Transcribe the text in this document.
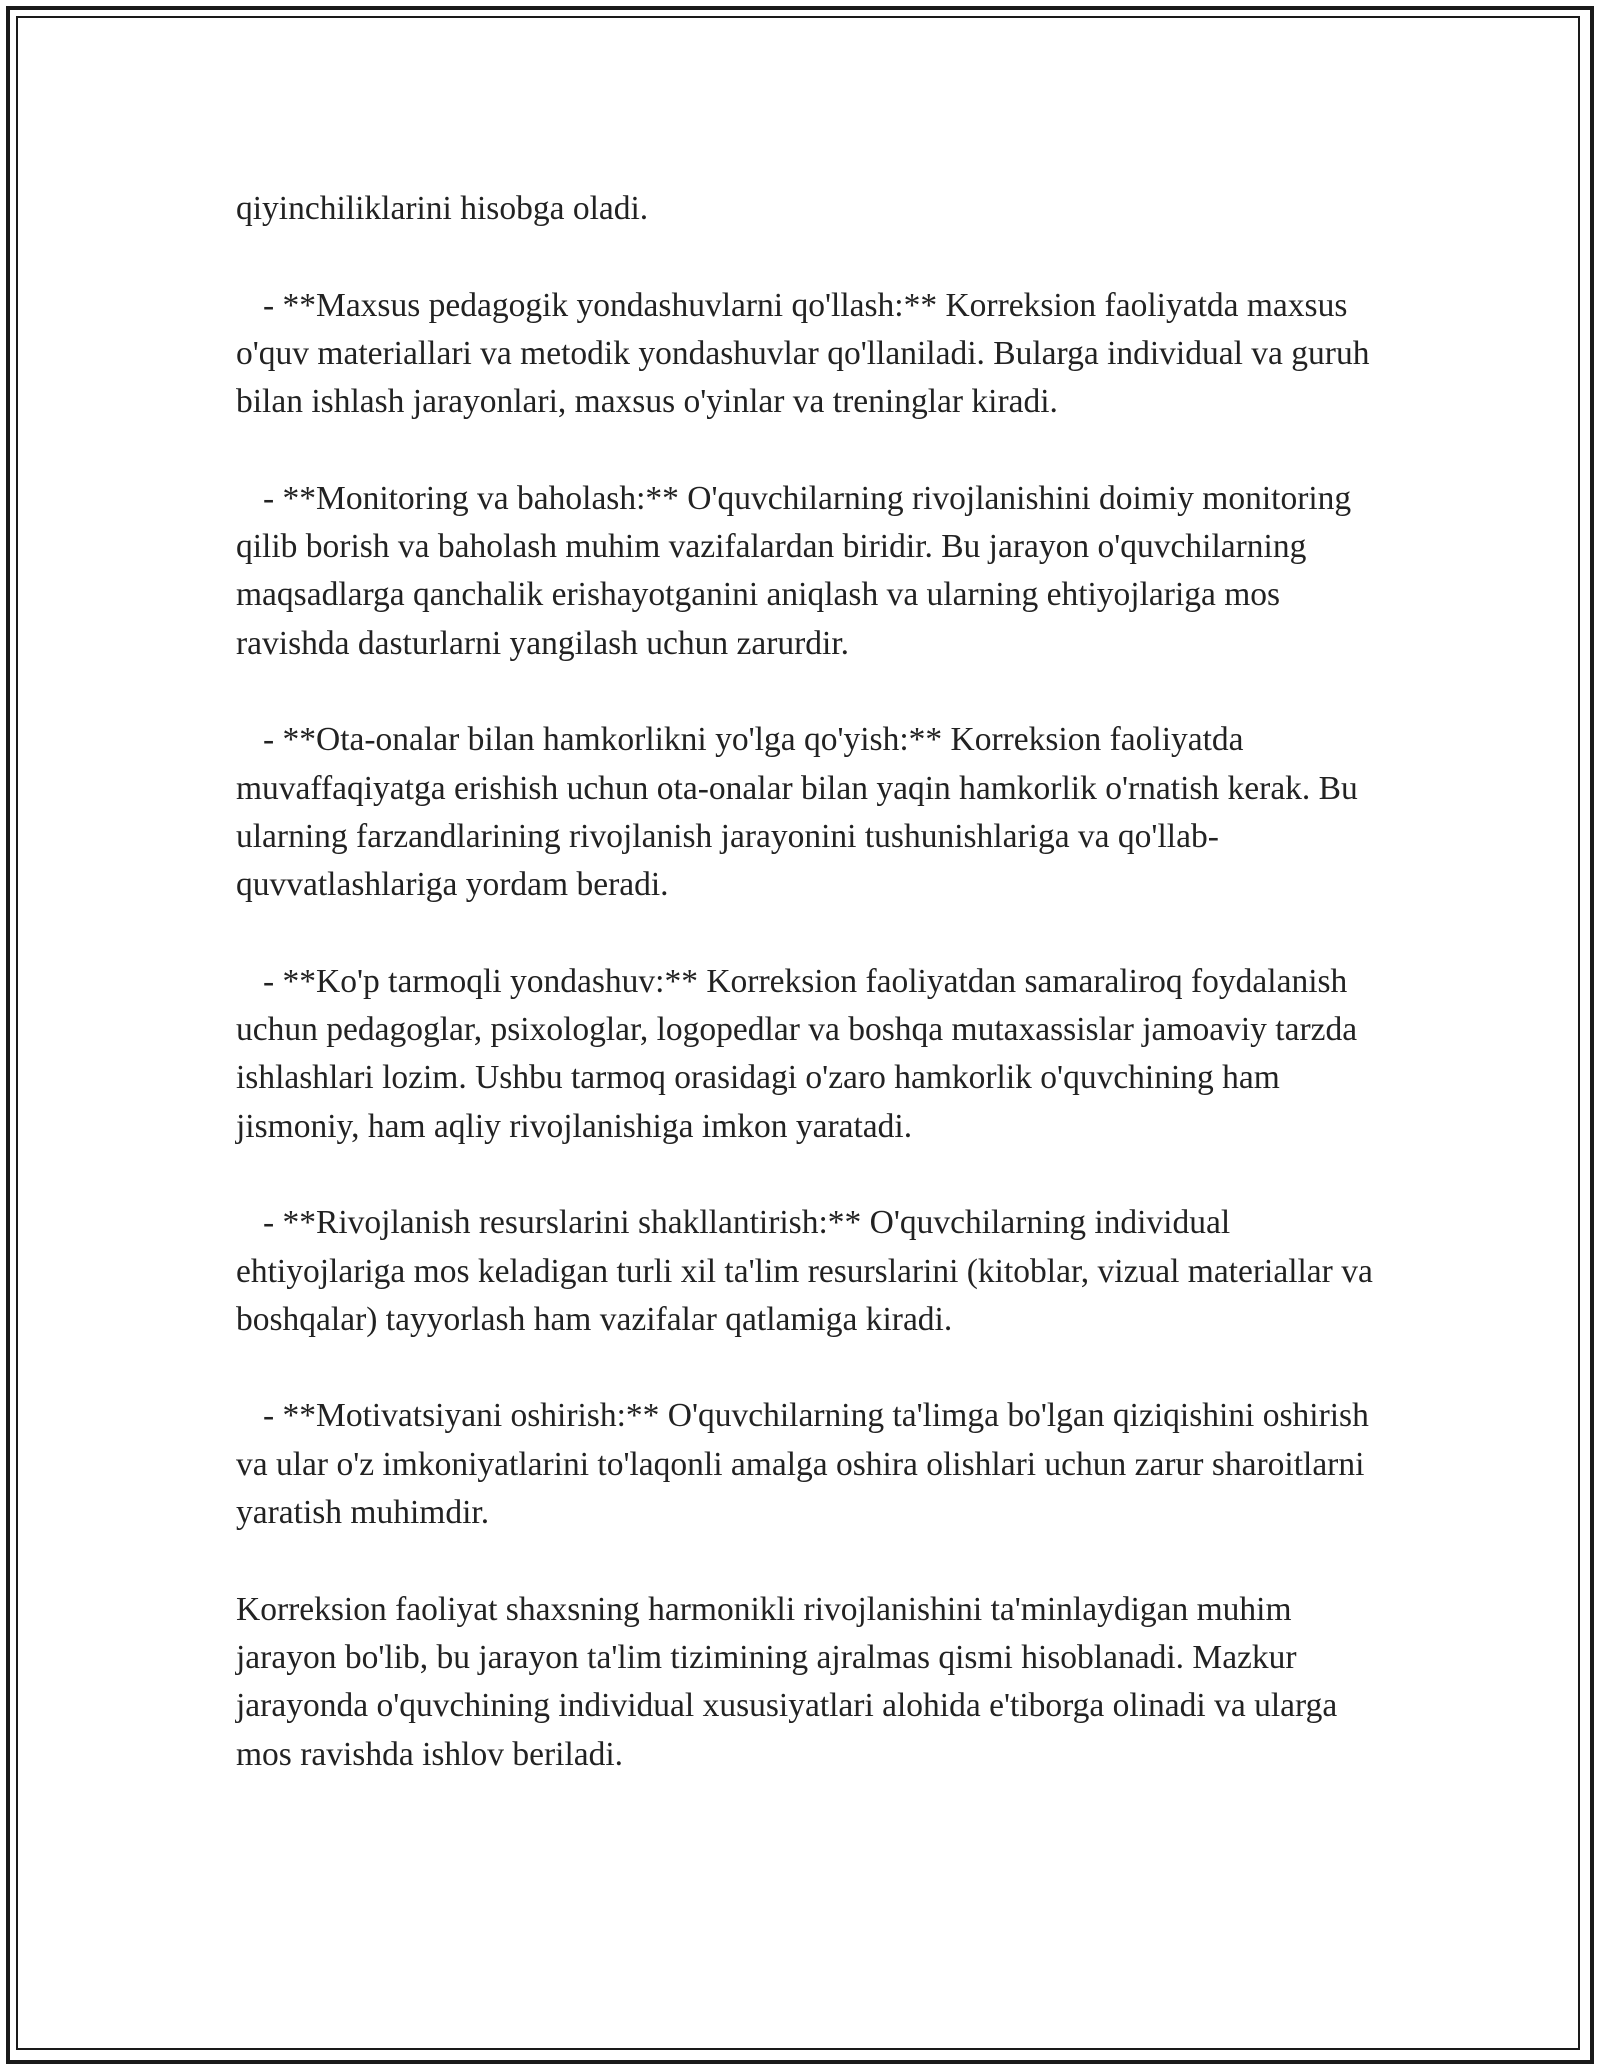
qiyinchiliklarini hisobga oladi.

- **Maxsus pedagogik yondashuvlarni qo'llash:** Korreksion faoliyatda maxsus o'quv materiallari va metodik yondashuvlar qo'llaniladi. Bularga individual va guruh bilan ishlash jarayonlari, maxsus o'yinlar va treninglar kiradi.

- **Monitoring va baholash:** O'quvchilarning rivojlanishini doimiy monitoring qilib borish va baholash muhim vazifalardan biridir. Bu jarayon o'quvchilarning maqsadlarga qanchalik erishayotganini aniqlash va ularning ehtiyojlariga mos ravishda dasturlarni yangilash uchun zarurdir.

- **Ota-onalar bilan hamkorlikni yo'lga qo'yish:** Korreksion faoliyatda muvaffaqiyatga erishish uchun ota-onalar bilan yaqin hamkorlik o'rnatish kerak. Bu ularning farzandlarining rivojlanish jarayonini tushunishlariga va qo'llab-quvvatlashlariga yordam beradi.

- **Ko'p tarmoqli yondashuv:** Korreksion faoliyatdan samaraliroq foydalanish uchun pedagoglar, psixologlar, logopedlar va boshqa mutaxassislar jamoaviy tarzda ishlashlari lozim. Ushbu tarmoq orasidagi o'zaro hamkorlik o'quvchining ham jismoniy, ham aqliy rivojlanishiga imkon yaratadi.

- **Rivojlanish resurslarini shakllantirish:** O'quvchilarning individual ehtiyojlariga mos keladigan turli xil ta'lim resurslarini (kitoblar, vizual materiallar va boshqalar) tayyorlash ham vazifalar qatlamiga kiradi.

- **Motivatsiyani oshirish:** O'quvchilarning ta'limga bo'lgan qiziqishini oshirish va ular o'z imkoniyatlarini to'laqonli amalga oshira olishlari uchun zarur sharoitlarni yaratish muhimdir.

Korreksion faoliyat shaxsning harmonikli rivojlanishini ta'minlaydigan muhim jarayon bo'lib, bu jarayon ta'lim tizimining ajralmas qismi hisoblanadi. Mazkur jarayonda o'quvchining individual xususiyatlari alohida e'tiborga olinadi va ularga mos ravishda ishlov beriladi.
